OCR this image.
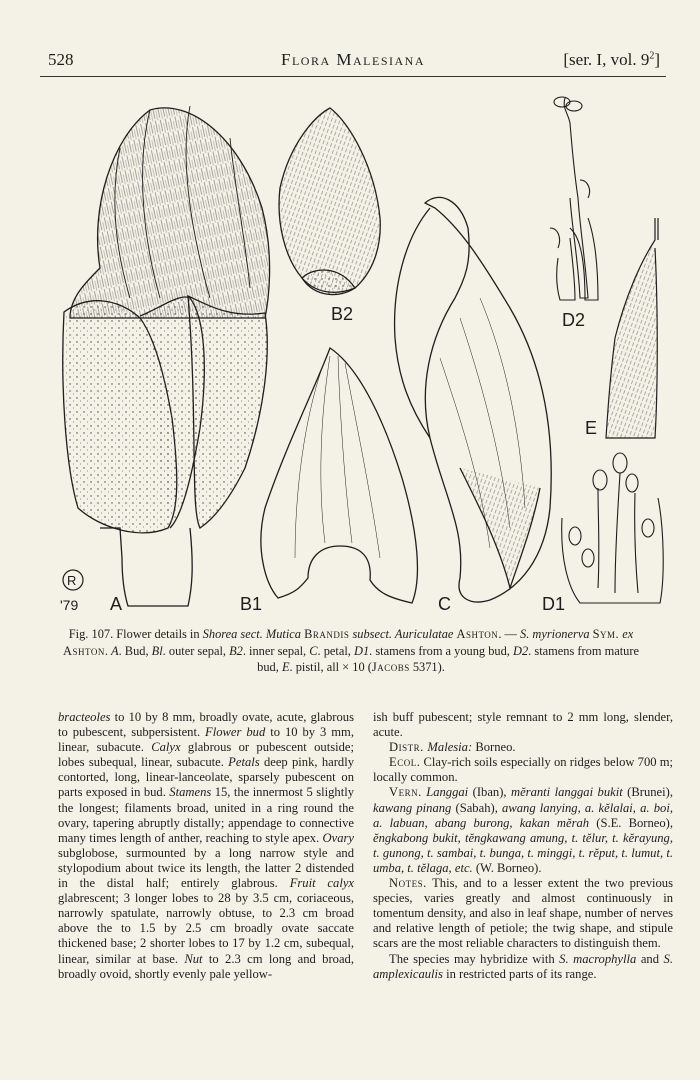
528	Flora Malesiana	[ser. I, vol. $9^2$]
A
R
'79
B2
B1	C
D2
E
D1
Fig. 107. Flower details in Shorea sect. Mutica Brandis subsect. Auriculatae Ashton. — S. myrionerva Sym. ex Ashton. A. Bud, Bl. outer sepal, B2. inner sepal, C. petal, D1. stamens from a young bud, D2. stamens from mature bud, E. pistil, all × 10 (Jacobs 5371).

bracteoles to 10 by 8 mm, broadly ovate, acute, glabrous to pubescent, subpersistent. Flower bud to 10 by 3 mm, linear, subacute. Calyx glabrous or pubescent outside; lobes subequal, linear, subacute. Petals deep pink, hardly contorted, long, linear-lanceolate, sparsely pubescent on parts exposed in bud. Stamens 15, the innermost 5 slightly the longest; filaments broad, united in a ring round the ovary, tapering abruptly distally; appendage to connective many times length of anther, reaching to style apex. Ovary subglobose, surmounted by a long narrow style and stylopodium about twice its length, the latter 2 distended in the distal half; entirely glabrous. Fruit calyx glabrescent; 3 longer lobes to 28 by 3.5 cm, coriaceous, narrowly spatulate, narrowly obtuse, to 2.3 cm broad above the to 1.5 by 2.5 cm broadly ovate saccate thickened base; 2 shorter lobes to 17 by 1.2 cm, subequal, linear, similar at base. Nut to 2.3 cm long and broad, broadly ovoid, shortly evenly pale yellow-

ish buff pubescent; style remnant to 2 mm long, slender, acute.

Distr. Malesia: Borneo.

Ecol. Clay-rich soils especially on ridges below 700 m; locally common.

Vern. Langgai (Iban), mĕranti langgai bukit (Brunei), kawang pinang (Sabah), awang lanying, a. kĕlalai, a. boi, a. labuan, abang burong, kakan mĕrah (S.E. Borneo), ĕngkabong bukit, tĕngkawang amung, t. tĕlur, t. kĕrayung, t. gunong, t. sambai, t. bunga, t. minggi, t. rĕput, t. lumut, t. umba, t. tĕlaga, etc. (W. Borneo).

Notes. This, and to a lesser extent the two previous species, varies greatly and almost continuously in tomentum density, and also in leaf shape, number of nerves and relative length of petiole; the twig shape, and stipule scars are the most reliable characters to distinguish them.

The species may hybridize with S. macrophylla and S. amplexicaulis in restricted parts of its range.
